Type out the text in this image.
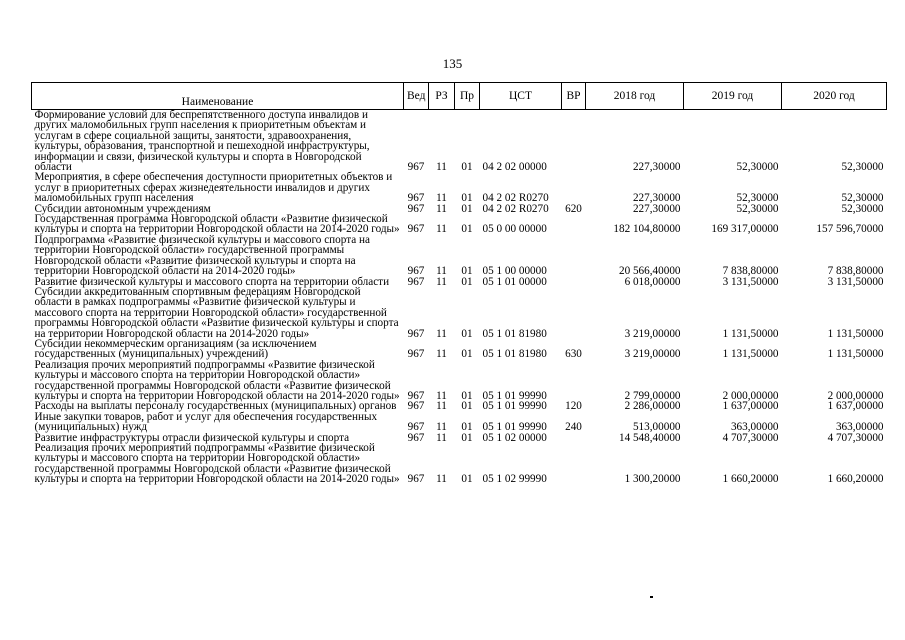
135
Наименование	Вед	РЗ	Пр	ЦСТ	ВР	2018 год	2019 год	2020 год
Формирование условий для беспрепятственного доступа инвалидов и других маломобильных групп населения к приоритетным объектам и услугам в сфере социальной защиты, занятости, здравоохранения, культуры, образования, транспортной и пешеходной инфраструктуры, информации и связи, физической культуры и спорта в Новгородской области	967	11	01	04 2 02 00000		227,30000	52,30000	52,30000
Мероприятия, в сфере обеспечения доступности приоритетных объектов и услуг в приоритетных сферах жизнедеятельности инвалидов и других маломобильных групп населения	967	11	01	04 2 02 R0270		227,30000	52,30000	52,30000
Субсидии автономным учреждениям	967	11	01	04 2 02 R0270	620	227,30000	52,30000	52,30000
Государственная программа Новгородской области «Развитие физической культуры и спорта на территории Новгородской области на 2014-2020 годы»	967	11	01	05 0 00 00000		182 104,80000	169 317,00000	157 596,70000
Подпрограмма «Развитие физической культуры и массового спорта на территории Новгородской области» государственной программы Новгородской области «Развитие физической культуры и спорта на территории Новгородской области на 2014-2020 годы»	967	11	01	05 1 00 00000		20 566,40000	7 838,80000	7 838,80000
Развитие физической культуры и массового спорта на территории области	967	11	01	05 1 01 00000		6 018,00000	3 131,50000	3 131,50000
Субсидии аккредитованным спортивным федерациям Новгородской области в рамках подпрограммы «Развитие физической культуры и массового спорта на территории Новгородской области» государственной программы Новгородской области «Развитие физической культуры и спорта на территории Новгородской области на 2014-2020 годы»	967	11	01	05 1 01 81980		3 219,00000	1 131,50000	1 131,50000
Субсидии некоммерческим организациям (за исключением государственных (муниципальных) учреждений)	967	11	01	05 1 01 81980	630	3 219,00000	1 131,50000	1 131,50000
Реализация прочих мероприятий подпрограммы «Развитие физической культуры и массового спорта на территории Новгородской области» государственной программы Новгородской области «Развитие физической культуры и спорта на территории Новгородской области на 2014-2020 годы»	967	11	01	05 1 01 99990		2 799,00000	2 000,00000	2 000,00000
Расходы на выплаты персоналу государственных (муниципальных) органов	967	11	01	05 1 01 99990	120	2 286,00000	1 637,00000	1 637,00000
Иные закупки товаров, работ и услуг для обеспечения государственных (муниципальных) нужд	967	11	01	05 1 01 99990	240	513,00000	363,00000	363,00000
Развитие инфраструктуры отрасли физической культуры и спорта	967	11	01	05 1 02 00000		14 548,40000	4 707,30000	4 707,30000
Реализация прочих мероприятий подпрограммы «Развитие физической культуры и массового спорта на территории Новгородской области» государственной программы Новгородской области «Развитие физической культуры и спорта на территории Новгородской области на 2014-2020 годы»	967	11	01	05 1 02 99990		1 300,20000	1 660,20000	1 660,20000
